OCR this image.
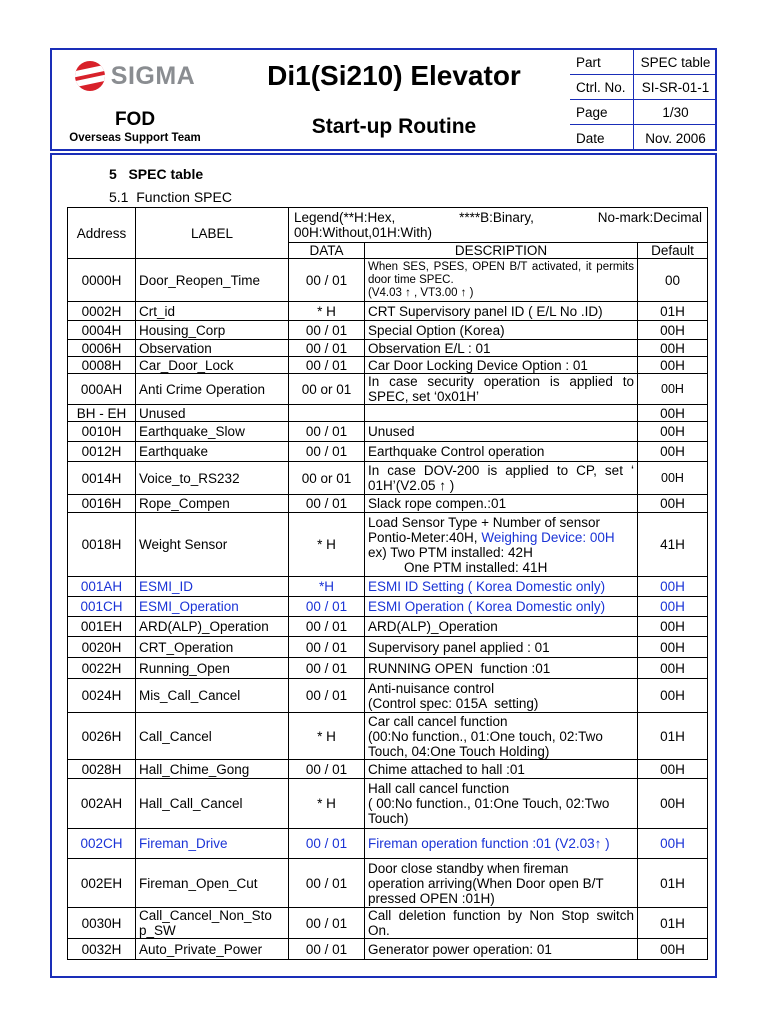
SIGMA	Di1(Si210) Elevator
FOD
Overseas Support Team	Start-up Routine
Part	SPEC table
Ctrl. No.	SI-SR-01-1
Page	1/30
Date	Nov. 2006
5   SPEC table
5.1  Function SPEC
Address	LABEL	Legend(**H:Hex, ****B:Binary, No-mark:Decimal
00H:Without,01H:With)		

		DATA	DESCRIPTION	Default
0000H	Door_Reopen_Time	00 / 01	When SES, PSES, OPEN B/T activated, it permits door time SPEC.
(V4.03 ↑ , VT3.00 ↑ )	00
0002H	Crt_id	* H	CRT Supervisory panel ID ( E/L No .ID)	01H
0004H	Housing_Corp	00 / 01	Special Option (Korea)	00H
0006H	Observation	00 / 01	Observation E/L : 01	00H
0008H	Car_Door_Lock	00 / 01	Car Door Locking Device Option : 01	00H
000AH	Anti Crime Operation	00 or 01	In case security operation is applied to SPEC, set ‘0x01H’	00H
BH - EH	Unused			00H
0010H	Earthquake_Slow	00 / 01	Unused	00H
0012H	Earthquake	00 / 01	Earthquake Control operation	00H
0014H	Voice_to_RS232	00 or 01	In case DOV-200 is applied to CP, set ‘ 01H’(V2.05 ↑ )	00H
0016H	Rope_Compen	00 / 01	Slack rope compen.:01	00H
0018H	Weight Sensor	* H	Load Sensor Type + Number of sensor
Pontio-Meter:40H, Weighing Device: 00H
ex) Two PTM installed: 42H
One PTM installed: 41H	41H
001AH	ESMI_ID	*H	ESMI ID Setting ( Korea Domestic only)	00H
001CH	ESMI_Operation	00 / 01	ESMI Operation ( Korea Domestic only)	00H
001EH	ARD(ALP)_Operation	00 / 01	ARD(ALP)_Operation	00H
0020H	CRT_Operation	00 / 01	Supervisory panel applied : 01	00H
0022H	Running_Open	00 / 01	RUNNING OPEN  function :01	00H
0024H	Mis_Call_Cancel	00 / 01	Anti-nuisance control
(Control spec: 015A  setting)	00H
0026H	Call_Cancel	* H	Car call cancel function
(00:No function., 01:One touch, 02:Two Touch, 04:One Touch Holding)	01H
0028H	Hall_Chime_Gong	00 / 01	Chime attached to hall :01	00H
002AH	Hall_Call_Cancel	* H	Hall call cancel function
( 00:No function., 01:One Touch, 02:Two Touch)	00H
002CH	Fireman_Drive	00 / 01	Fireman operation function :01 (V2.03↑ )	00H
002EH	Fireman_Open_Cut	00 / 01	Door close standby when fireman
operation arriving(When Door open B/T
pressed OPEN :01H)	01H
0030H	Call_Cancel_Non_Sto p_SW	00 / 01	Call deletion function by Non Stop switch On.	01H
0032H	Auto_Private_Power	00 / 01	Generator power operation: 01	00H
